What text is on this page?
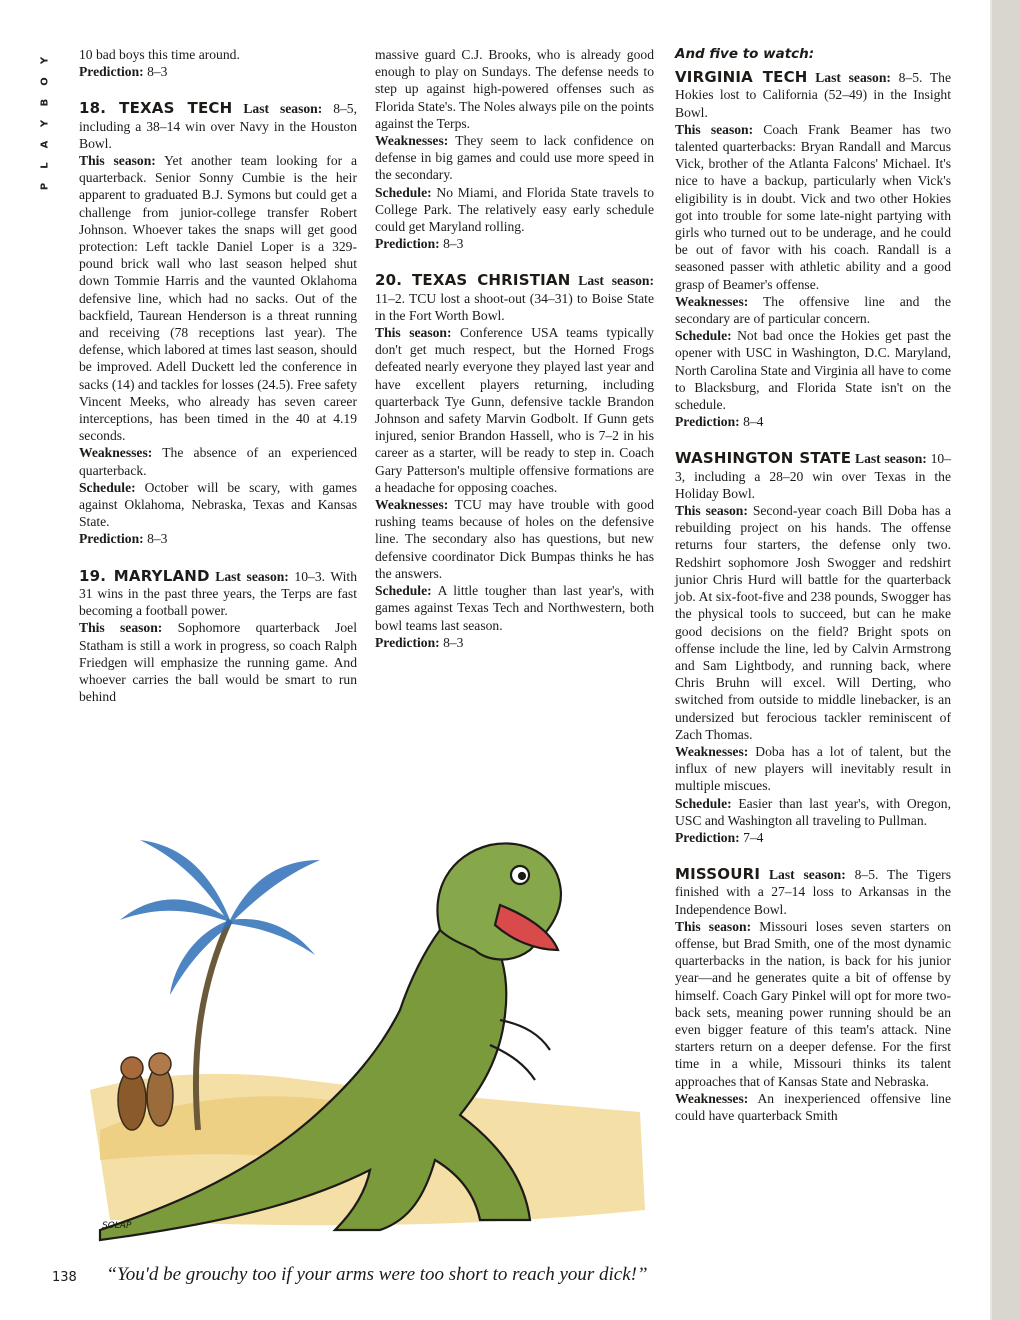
Y
O
B
Y
A
L
P

10 bad boys this time around.

Prediction: 8–3

18. TEXAS TECH Last season: 8–5, including a 38–14 win over Navy in the Houston Bowl.

This season: Yet another team looking for a quarterback. Senior Sonny Cumbie is the heir apparent to graduated B.J. Symons but could get a challenge from junior-college transfer Robert Johnson. Whoever takes the snaps will get good protection: Left tackle Daniel Loper is a 329-pound brick wall who last season helped shut down Tommie Harris and the vaunted Oklahoma defensive line, which had no sacks. Out of the backfield, Taurean Henderson is a threat running and receiving (78 receptions last year). The defense, which labored at times last season, should be improved. Adell Duckett led the conference in sacks (14) and tackles for losses (24.5). Free safety Vincent Meeks, who already has seven career interceptions, has been timed in the 40 at 4.19 seconds.

Weaknesses: The absence of an experienced quarterback.

Schedule: October will be scary, with games against Oklahoma, Nebraska, Texas and Kansas State.

Prediction: 8–3

19. MARYLAND Last season: 10–3. With 31 wins in the past three years, the Terps are fast becoming a football power.

This season: Sophomore quarterback Joel Statham is still a work in progress, so coach Ralph Friedgen will emphasize the running game. And whoever carries the ball would be smart to run behind

massive guard C.J. Brooks, who is already good enough to play on Sundays. The defense needs to step up against high-powered offenses such as Florida State's. The Noles always pile on the points against the Terps.

Weaknesses: They seem to lack confidence on defense in big games and could use more speed in the secondary.

Schedule: No Miami, and Florida State travels to College Park. The relatively easy early schedule could get Maryland rolling.

Prediction: 8–3

20. TEXAS CHRISTIAN Last season: 11–2. TCU lost a shoot-out (34–31) to Boise State in the Fort Worth Bowl.

This season: Conference USA teams typically don't get much respect, but the Horned Frogs defeated nearly everyone they played last year and have excellent players returning, including quarterback Tye Gunn, defensive tackle Brandon Johnson and safety Marvin Godbolt. If Gunn gets injured, senior Brandon Hassell, who is 7–2 in his career as a starter, will be ready to step in. Coach Gary Patterson's multiple offensive formations are a headache for opposing coaches.

Weaknesses: TCU may have trouble with good rushing teams because of holes on the defensive line. The secondary also has questions, but new defensive coordinator Dick Bumpas thinks he has the answers.

Schedule: A little tougher than last year's, with games against Texas Tech and Northwestern, both bowl teams last season.

Prediction: 8–3

And five to watch:

VIRGINIA TECH Last season: 8–5. The Hokies lost to California (52–49) in the Insight Bowl.

This season: Coach Frank Beamer has two talented quarterbacks: Bryan Randall and Marcus Vick, brother of the Atlanta Falcons' Michael. It's nice to have a backup, particularly when Vick's eligibility is in doubt. Vick and two other Hokies got into trouble for some late-night partying with girls who turned out to be underage, and he could be out of favor with his coach. Randall is a seasoned passer with athletic ability and a good grasp of Beamer's offense.

Weaknesses: The offensive line and the secondary are of particular concern.

Schedule: Not bad once the Hokies get past the opener with USC in Washington, D.C. Maryland, North Carolina State and Virginia all have to come to Blacksburg, and Florida State isn't on the schedule.

Prediction: 8–4

WASHINGTON STATE Last season: 10–3, including a 28–20 win over Texas in the Holiday Bowl.

This season: Second-year coach Bill Doba has a rebuilding project on his hands. The offense returns four starters, the defense only two. Redshirt sophomore Josh Swogger and redshirt junior Chris Hurd will battle for the quarterback job. At six-foot-five and 238 pounds, Swogger has the physical tools to succeed, but can he make good decisions on the field? Bright spots on offense include the line, led by Calvin Armstrong and Sam Lightbody, and running back, where Chris Bruhn will excel. Will Derting, who switched from outside to middle linebacker, is an undersized but ferocious tackler reminiscent of Zach Thomas.

Weaknesses: Doba has a lot of talent, but the influx of new players will inevitably result in multiple miscues.

Schedule: Easier than last year's, with Oregon, USC and Washington all traveling to Pullman.

Prediction: 7–4

MISSOURI Last season: 8–5. The Tigers finished with a 27–14 loss to Arkansas in the Independence Bowl.

This season: Missouri loses seven starters on offense, but Brad Smith, one of the most dynamic quarterbacks in the nation, is back for his junior year—and he generates quite a bit of offense by himself. Coach Gary Pinkel will opt for more two-back sets, meaning power running should be an even bigger feature of this team's attack. Nine starters return on a deeper defense. For the first time in a while, Missouri thinks its talent approaches that of Kansas State and Nebraska.

Weaknesses: An inexperienced offensive line could have quarterback Smith

SOLAP
138	“You'd be grouchy too if your arms were too short to reach your dick!”
